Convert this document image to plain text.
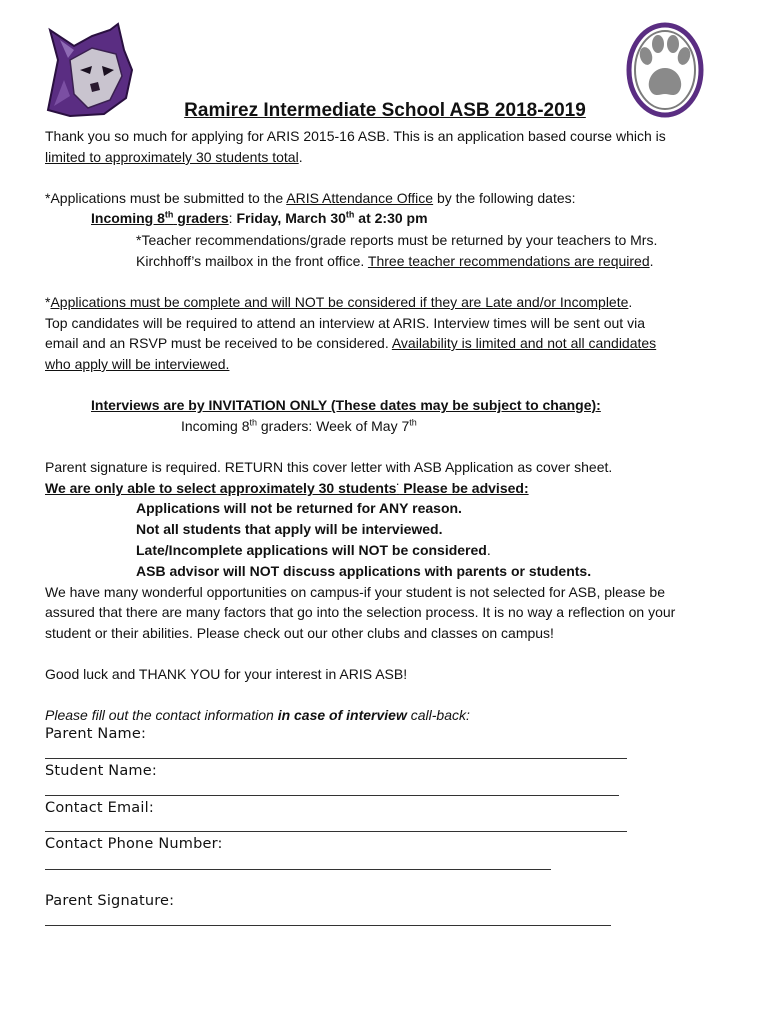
Ramirez Intermediate School ASB 2018-2019
Thank you so much for applying for ARIS 2015-16 ASB. This is an application based course which is
limited to approximately 30 students total.
*Applications must be submitted to the ARIS Attendance Office by the following dates:
Incoming 8th graders: Friday, March 30th at 2:30 pm
*Teacher recommendations/grade reports must be returned by your teachers to Mrs.
Kirchhoff’s mailbox in the front office. Three teacher recommendations are required.
*Applications must be complete and will NOT be considered if they are Late and/or Incomplete.
Top candidates will be required to attend an interview at ARIS. Interview times will be sent out via
email and an RSVP must be received to be considered. Availability is limited and not all candidates
who apply will be interviewed.
Interviews are by INVITATION ONLY (These dates may be subject to change):
Incoming 8th graders: Week of May 7th
Parent signature is required. RETURN this cover letter with ASB Application as cover sheet.
We are only able to select approximately 30 students· Please be advised:
Applications will not be returned for ANY reason.
Not all students that apply will be interviewed.
Late/Incomplete applications will NOT be considered.
ASB advisor will NOT discuss applications with parents or students.
We have many wonderful opportunities on campus-if your student is not selected for ASB, please be
assured that there are many factors that go into the selection process. It is no way a reflection on your
student or their abilities. Please check out our other clubs and classes on campus!
Good luck and THANK YOU for your interest in ARIS ASB!
Please fill out the contact information in case of interview call-back:
Parent Name:
Student Name:
Contact Email:
Contact Phone Number:
Parent Signature:
